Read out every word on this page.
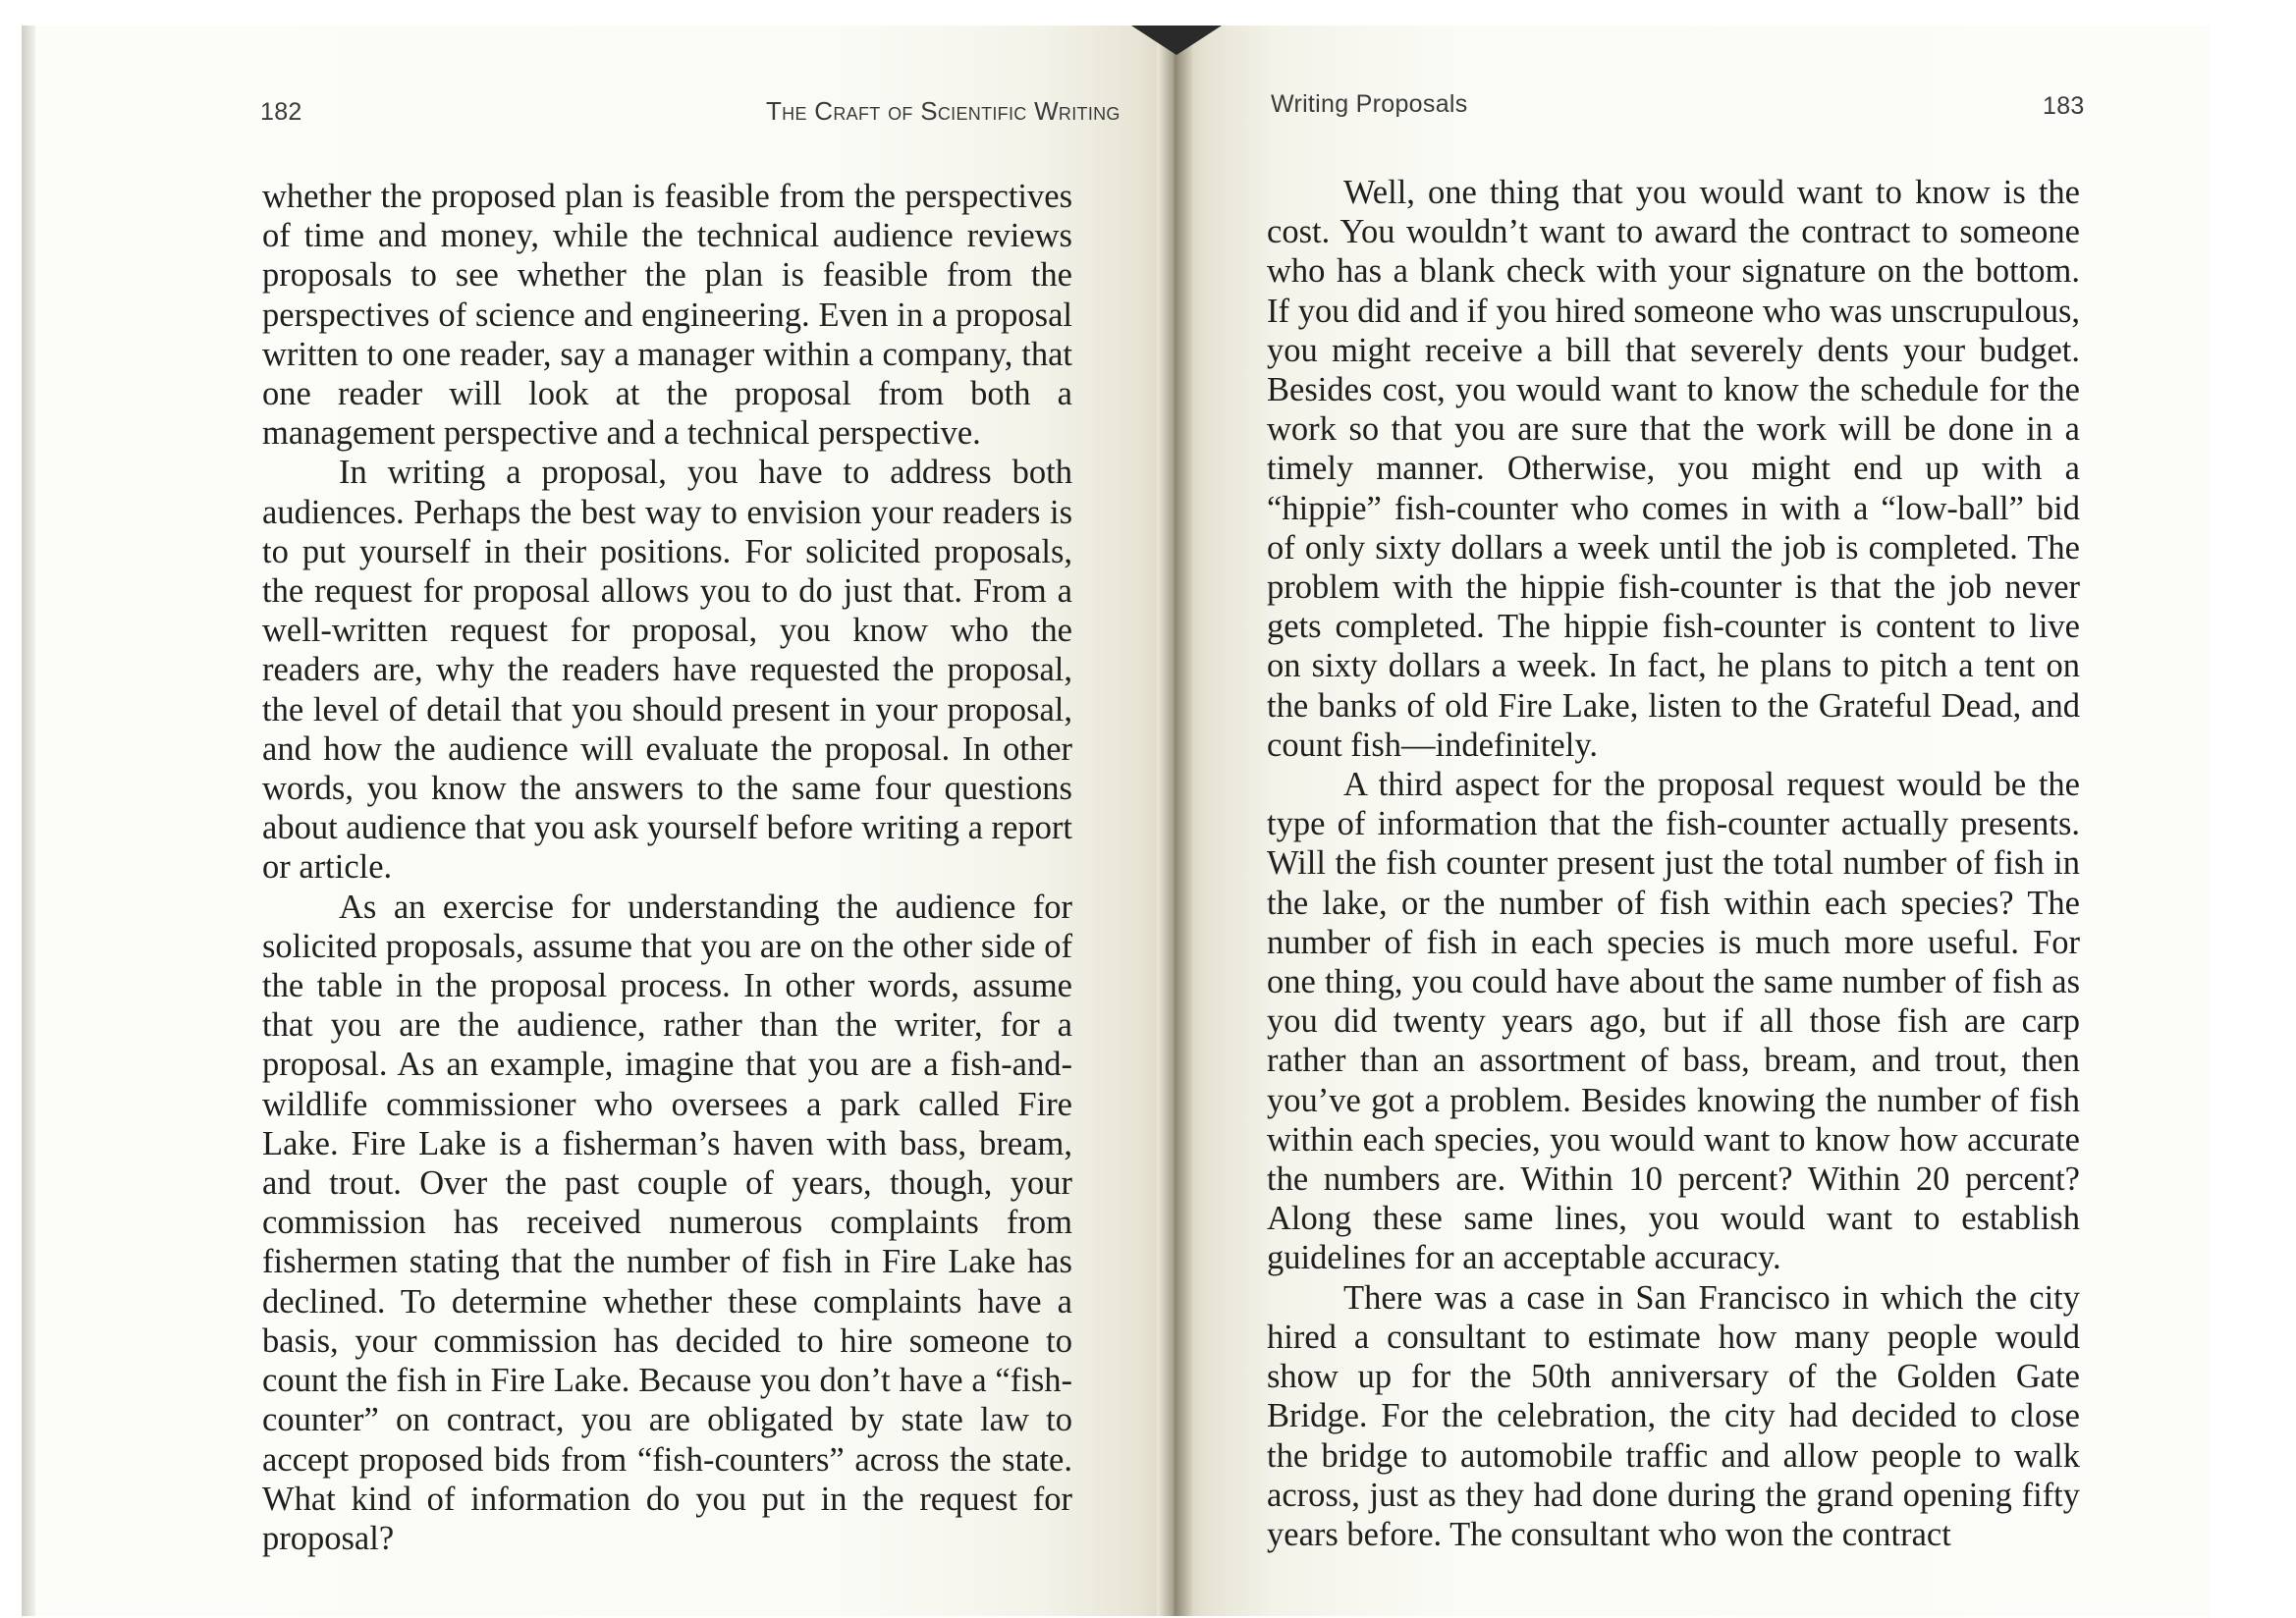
182	The Craft of Scientific Writing	Writing Proposals	183

whether the proposed plan is feasible from the perspectives of time and money, while the technical audience reviews proposals to see whether the plan is feasible from the perspectives of science and engineering. Even in a proposal written to one reader, say a manager within a company, that one reader will look at the proposal from both a management perspective and a technical perspective.

In writing a proposal, you have to address both audiences. Perhaps the best way to envision your readers is to put yourself in their positions. For solicited proposals, the request for proposal allows you to do just that. From a well-written request for proposal, you know who the readers are, why the readers have requested the proposal, the level of detail that you should present in your proposal, and how the audience will evaluate the proposal. In other words, you know the answers to the same four questions about audience that you ask yourself before writing a report or article.

As an exercise for understanding the audience for solicited proposals, assume that you are on the other side of the table in the proposal process. In other words, assume that you are the audience, rather than the writer, for a proposal. As an example, imagine that you are a fish-and-wildlife commissioner who oversees a park called Fire Lake. Fire Lake is a fisherman’s haven with bass, bream, and trout. Over the past couple of years, though, your commission has received numerous complaints from fishermen stating that the number of fish in Fire Lake has declined. To determine whether these complaints have a basis, your commission has decided to hire someone to count the fish in Fire Lake. Because you don’t have a “fish-counter” on contract, you are obligated by state law to accept proposed bids from “fish-counters” across the state. What kind of information do you put in the request for proposal?

Well, one thing that you would want to know is the cost. You wouldn’t want to award the contract to someone who has a blank check with your signature on the bottom. If you did and if you hired someone who was unscrupulous, you might receive a bill that severely dents your budget. Besides cost, you would want to know the schedule for the work so that you are sure that the work will be done in a timely manner. Otherwise, you might end up with a “hippie” fish-counter who comes in with a “low-ball” bid of only sixty dollars a week until the job is completed. The problem with the hippie fish-counter is that the job never gets completed. The hippie fish-counter is content to live on sixty dollars a week. In fact, he plans to pitch a tent on the banks of old Fire Lake, listen to the Grateful Dead, and count fish—indefinitely.

A third aspect for the proposal request would be the type of information that the fish-counter actually presents. Will the fish counter present just the total number of fish in the lake, or the number of fish within each species? The number of fish in each species is much more useful. For one thing, you could have about the same number of fish as you did twenty years ago, but if all those fish are carp rather than an assortment of bass, bream, and trout, then you’ve got a problem. Besides knowing the number of fish within each species, you would want to know how accurate the numbers are. Within 10 percent? Within 20 percent? Along these same lines, you would want to establish guidelines for an acceptable accuracy.

There was a case in San Francisco in which the city hired a consultant to estimate how many people would show up for the 50th anniversary of the Golden Gate Bridge. For the celebration, the city had decided to close the bridge to automobile traffic and allow people to walk across, just as they had done during the grand opening fifty years before. The consultant who won the contract
